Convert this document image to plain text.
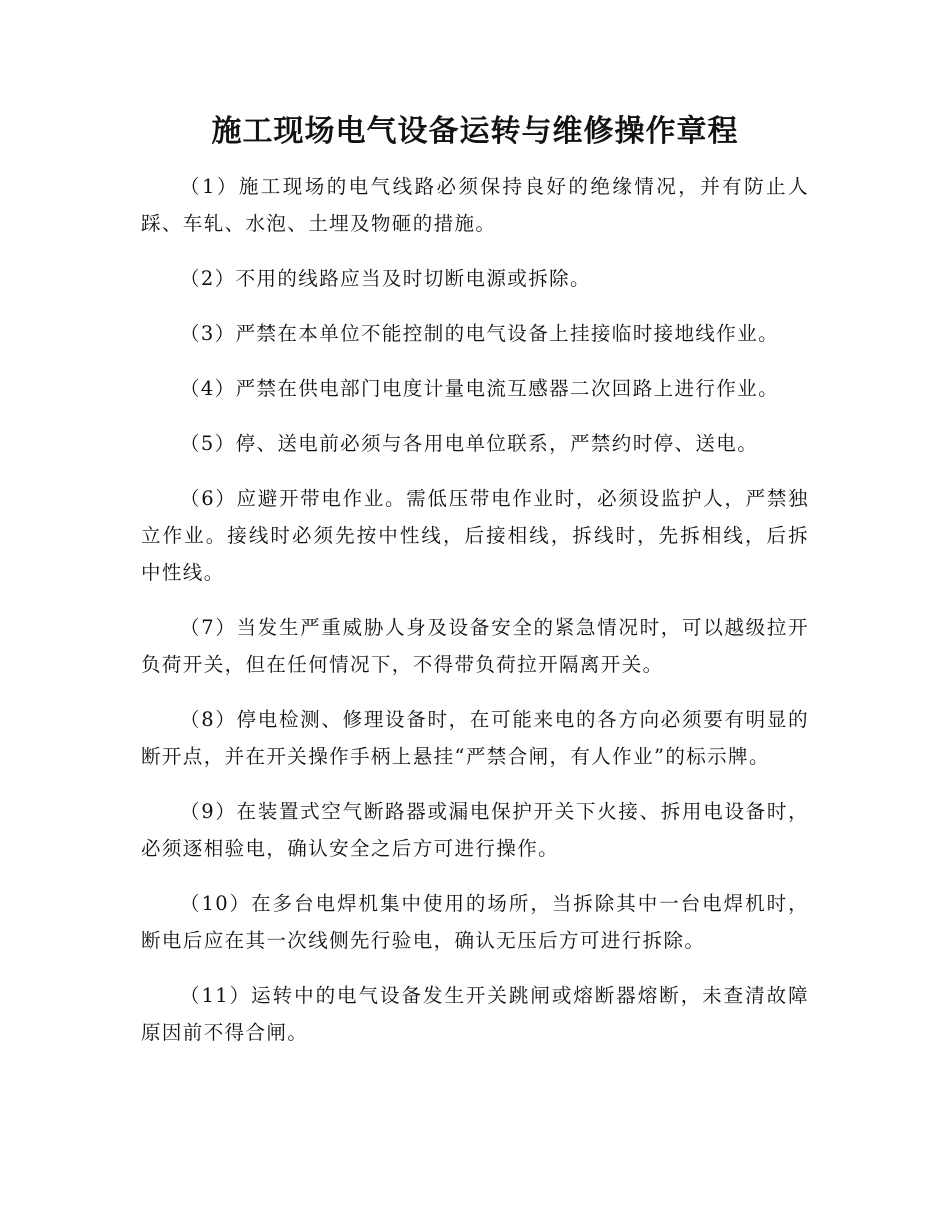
施工现场电气设备运转与维修操作章程

（1）施工现场的电气线路必须保持良好的绝缘情况，并有防止人踩、车轧、水泡、土埋及物砸的措施。

（2）不用的线路应当及时切断电源或拆除。

（3）严禁在本单位不能控制的电气设备上挂接临时接地线作业。

（4）严禁在供电部门电度计量电流互感器二次回路上进行作业。

（5）停、送电前必须与各用电单位联系，严禁约时停、送电。

（6）应避开带电作业。需低压带电作业时，必须设监护人，严禁独立作业。接线时必须先按中性线，后接相线，拆线时，先拆相线，后拆中性线。

（7）当发生严重威胁人身及设备安全的紧急情况时，可以越级拉开负荷开关，但在任何情况下，不得带负荷拉开隔离开关。

（8）停电检测、修理设备时，在可能来电的各方向必须要有明显的断开点，并在开关操作手柄上悬挂“严禁合闸，有人作业”的标示牌。

（9）在装置式空气断路器或漏电保护开关下火接、拆用电设备时，必须逐相验电，确认安全之后方可进行操作。

（10）在多台电焊机集中使用的场所，当拆除其中一台电焊机时，断电后应在其一次线侧先行验电，确认无压后方可进行拆除。

（11）运转中的电气设备发生开关跳闸或熔断器熔断，未查清故障原因前不得合闸。
